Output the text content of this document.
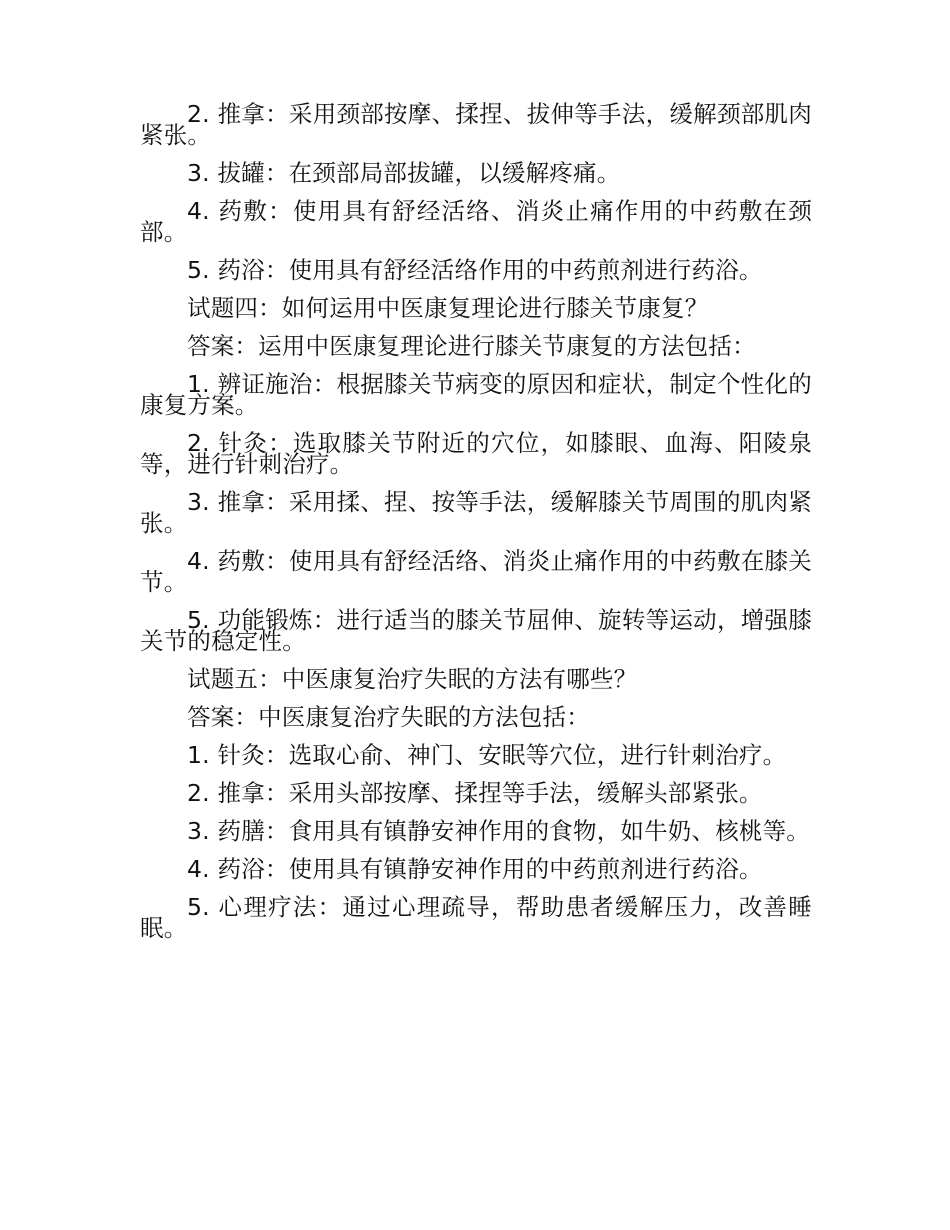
2. 推拿：采用颈部按摩、揉捏、拔伸等手法，缓解颈部肌肉紧张。

3. 拔罐：在颈部局部拔罐，以缓解疼痛。

4. 药敷：使用具有舒经活络、消炎止痛作用的中药敷在颈部。

5. 药浴：使用具有舒经活络作用的中药煎剂进行药浴。

试题四：如何运用中医康复理论进行膝关节康复？

答案：运用中医康复理论进行膝关节康复的方法包括：

1. 辨证施治：根据膝关节病变的原因和症状，制定个性化的康复方案。

2. 针灸：选取膝关节附近的穴位，如膝眼、血海、阳陵泉等，进行针刺治疗。

3. 推拿：采用揉、捏、按等手法，缓解膝关节周围的肌肉紧张。

4. 药敷：使用具有舒经活络、消炎止痛作用的中药敷在膝关节。

5. 功能锻炼：进行适当的膝关节屈伸、旋转等运动，增强膝关节的稳定性。

试题五：中医康复治疗失眠的方法有哪些？

答案：中医康复治疗失眠的方法包括：

1. 针灸：选取心俞、神门、安眠等穴位，进行针刺治疗。

2. 推拿：采用头部按摩、揉捏等手法，缓解头部紧张。

3. 药膳：食用具有镇静安神作用的食物，如牛奶、核桃等。

4. 药浴：使用具有镇静安神作用的中药煎剂进行药浴。

5. 心理疗法：通过心理疏导，帮助患者缓解压力，改善睡眠。
